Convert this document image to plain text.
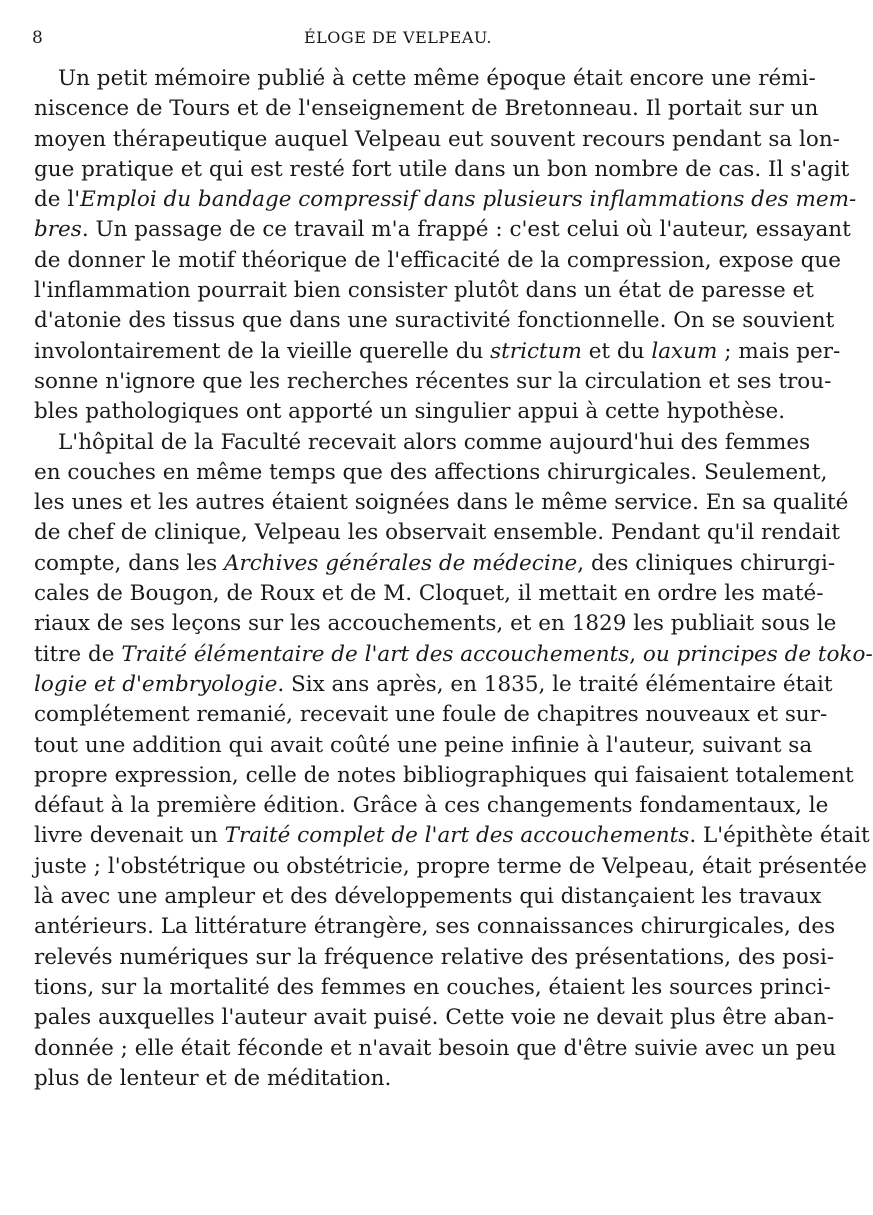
8	ÉLOGE DE VELPEAU.
Un petit mémoire publié à cette même époque était encore une rémi-
niscence de Tours et de l'enseignement de Bretonneau. Il portait sur un
moyen thérapeutique auquel Velpeau eut souvent recours pendant sa lon-
gue pratique et qui est resté fort utile dans un bon nombre de cas. Il s'agit
de l'Emploi du bandage compressif dans plusieurs inflammations des mem-
bres. Un passage de ce travail m'a frappé : c'est celui où l'auteur, essayant
de donner le motif théorique de l'efficacité de la compression, expose que
l'inflammation pourrait bien consister plutôt dans un état de paresse et
d'atonie des tissus que dans une suractivité fonctionnelle. On se souvient
involontairement de la vieille querelle du strictum et du laxum ; mais per-
sonne n'ignore que les recherches récentes sur la circulation et ses trou-
bles pathologiques ont apporté un singulier appui à cette hypothèse.
L'hôpital de la Faculté recevait alors comme aujourd'hui des femmes
en couches en même temps que des affections chirurgicales. Seulement,
les unes et les autres étaient soignées dans le même service. En sa qualité
de chef de clinique, Velpeau les observait ensemble. Pendant qu'il rendait
compte, dans les Archives générales de médecine, des cliniques chirurgi-
cales de Bougon, de Roux et de M. Cloquet, il mettait en ordre les maté-
riaux de ses leçons sur les accouchements, et en 1829 les publiait sous le
titre de Traité élémentaire de l'art des accouchements, ou principes de toko-
logie et d'embryologie. Six ans après, en 1835, le traité élémentaire était
complétement remanié, recevait une foule de chapitres nouveaux et sur-
tout une addition qui avait coûté une peine infinie à l'auteur, suivant sa
propre expression, celle de notes bibliographiques qui faisaient totalement
défaut à la première édition. Grâce à ces changements fondamentaux, le
livre devenait un Traité complet de l'art des accouchements. L'épithète était
juste ; l'obstétrique ou obstétricie, propre terme de Velpeau, était présentée
là avec une ampleur et des développements qui distançaient les travaux
antérieurs. La littérature étrangère, ses connaissances chirurgicales, des
relevés numériques sur la fréquence relative des présentations, des posi-
tions, sur la mortalité des femmes en couches, étaient les sources princi-
pales auxquelles l'auteur avait puisé. Cette voie ne devait plus être aban-
donnée ; elle était féconde et n'avait besoin que d'être suivie avec un peu
plus de lenteur et de méditation.
